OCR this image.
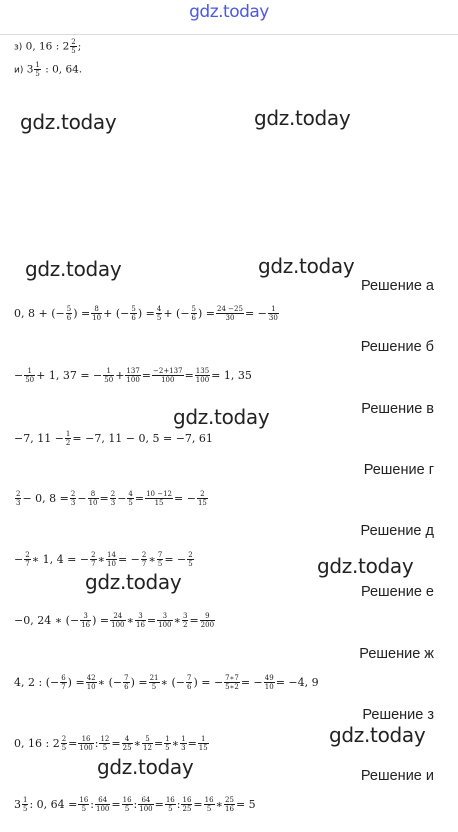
gdz.today
з) 0, 16 : $2 \frac{2}{5}$ ;
и) $3 \frac{1}{5}$ : 0, 64.
gdz.today	gdz.today
gdz.today	gdz.today
gdz.today
gdz.today
gdz.today
gdz.today
gdz.today
Решение а
Решение б
Решение в
Решение г
Решение д
Решение е
Решение ж
Решение з
Решение и
0, 8 + (− $\frac{5}{6}$ ) = $\frac{8}{10}$ + (− $\frac{5}{6}$ ) = $\frac{4}{5}$ + (− $\frac{5}{6}$ ) = $\frac{24 -25}{30}$ = − $\frac{1}{30}$
− $\frac{1}{50} + 1$, 37 = − $\frac{1}{50} + \frac{137}{100} = \frac{-2+137}{100} = \frac{135}{100} = 1$, 35
−7, $11 - \frac{1}{2} = -7$, 11 − 0, 5 = −7, 61
$\frac{2}{3} - 0$, $8 = \frac{2}{3} - \frac{8}{10} = \frac{2}{3} - \frac{4}{5} = \frac{10 -12}{15}$ = − $\frac{2}{15}$
− $\frac{2}{7}$ ∗ 1, 4 = − $\frac{2}{7}$ ∗ $\frac{14}{10}$ = − $\frac{2}{7}$ ∗ $\frac{7}{5}$ = − $\frac{2}{5}$
−0, 24 ∗ (− $\frac{3}{16}$ ) = $\frac{24}{100}$ ∗ $\frac{3}{16} = \frac{3}{100}$ ∗ $\frac{3}{2} = \frac{9}{200}$
4, 2 : (− $\frac{6}{7}$ ) = $\frac{42}{10}$ ∗ (− $\frac{7}{6}$ ) = $\frac{21}{5}$ ∗ (− $\frac{7}{6}$ ) = − $\frac{7∗7}{5∗2}$ = − $\frac{49}{10} = -4$, 9
0, 16 : $2 \frac{2}{5} = \frac{16}{100}$ : $\frac{12}{5} = \frac{4}{25}$ ∗ $\frac{5}{12} = \frac{1}{5}$ ∗ $\frac{1}{3} = \frac{1}{15}$
$3 \frac{1}{5}$ : 0, $64 = \frac{16}{5}$ : $\frac{64}{100} = \frac{16}{5}$ : $\frac{64}{100} = \frac{16}{5}$ : $\frac{16}{25} = \frac{16}{5}$ ∗ $\frac{25}{16} = 5$
